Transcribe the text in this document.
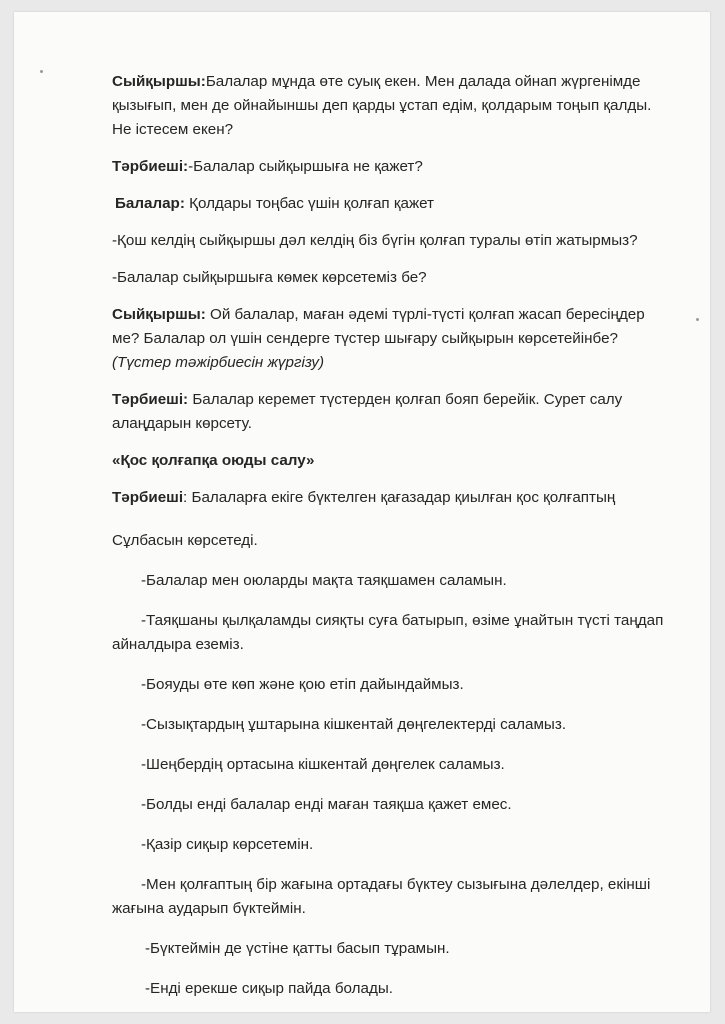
Сыйқыршы:Балалар мұнда өте суық екен. Мен далада ойнап жүргенімде қызығып, мен де ойнайыншы деп қарды ұстап едім, қолдарым тоңып қалды. Не істесем екен?

Тәрбиеші:-Балалар сыйқыршыға не қажет?

Балалар: Қолдары тоңбас үшін қолғап қажет

-Қош келдің сыйқыршы дәл келдің біз бүгін қолғап туралы өтіп жатырмыз?

-Балалар сыйқыршыға көмек көрсетеміз бе?

Сыйқыршы: Ой балалар, маған әдемі түрлі-түсті қолғап жасап бересіңдер ме? Балалар ол үшін сендерге түстер шығару сыйқырын көрсетейінбе?(Түстер тәжірбиесін жүргізу)

Тәрбиеші: Балалар керемет түстерден қолғап бояп берейік. Сурет салу алаңдарын көрсету.

«Қос қолғапқа оюды салу»

Тәрбиеші: Балаларға екіге бүктелген қағазадар қиылған қос қолғаптың

Сұлбасын көрсетеді.

-Балалар мен оюларды мақта таяқшамен саламын.

-Таяқшаны қылқаламды сияқты суға батырып, өзіме ұнайтын түсті таңдап айналдыра еземіз.

-Бояуды өте көп және қою етіп дайындаймыз.

-Сызықтардың ұштарына кішкентай дөңгелектерді саламыз.

-Шеңбердің ортасына кішкентай дөңгелек саламыз.

-Болды енді балалар енді маған таяқша қажет емес.

-Қазір сиқыр көрсетемін.

-Мен қолғаптың бір жағына ортадағы бүктеу сызығына дәлелдер, екінші жағына аударып бүктеймін.

-Бүктеймін де үстіне қатты басып тұрамын.

-Енді ерекше сиқыр пайда болады.
